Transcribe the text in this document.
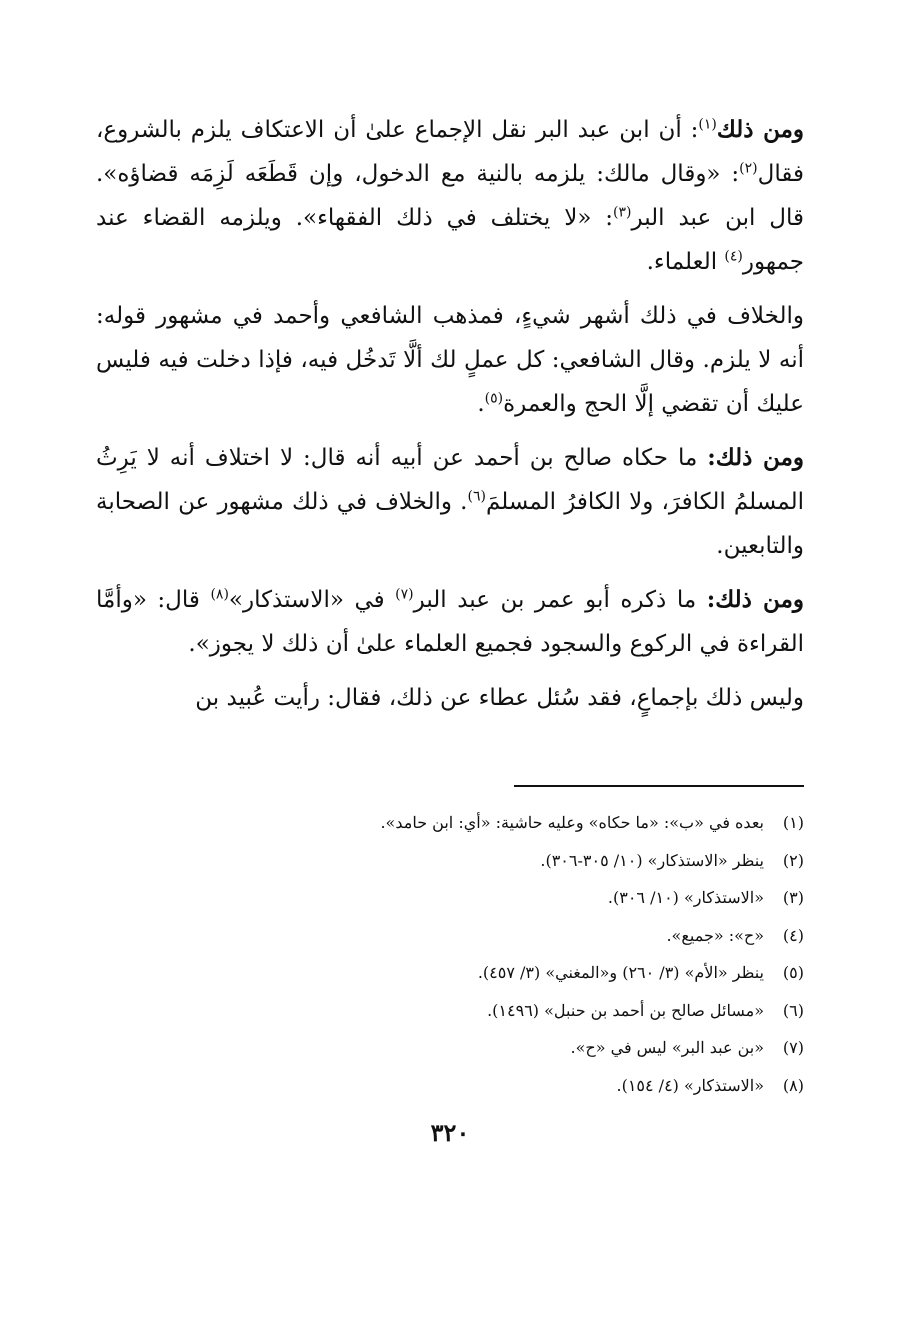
ومن ذلك$^{(١)}$: أن ابن عبد البر نقل الإجماع علىٰ أن الاعتكاف يلزم بالشروع، فقال$^{(٢)}$: «وقال مالك: يلزمه بالنية مع الدخول، وإن قَطَعَه لَزِمَه قضاؤه». قال ابن عبد البر$^{(٣)}$: «لا يختلف في ذلك الفقهاء». ويلزمه القضاء عند جمهور$^{(٤)}$ العلماء.

والخلاف في ذلك أشهر شيءٍ، فمذهب الشافعي وأحمد في مشهور قوله: أنه لا يلزم. وقال الشافعي: كل عملٍ لك ألَّا تَدخُل فيه، فإذا دخلت فيه فليس عليك أن تقضي إلَّا الحج والعمرة$^{(٥)}$.

ومن ذلك: ما حكاه صالح بن أحمد عن أبيه أنه قال: لا اختلاف أنه لا يَرِثُ المسلمُ الكافرَ، ولا الكافرُ المسلمَ$^{(٦)}$. والخلاف في ذلك مشهور عن الصحابة والتابعين.

ومن ذلك: ما ذكره أبو عمر بن عبد البر$^{(٧)}$ في «الاستذكار»$^{(٨)}$ قال: «وأمَّا القراءة في الركوع والسجود فجميع العلماء علىٰ أن ذلك لا يجوز».

وليس ذلك بإجماعٍ، فقد سُئل عطاء عن ذلك، فقال: رأيت عُبيد بن

(١)
بعده في «ب»: «ما حكاه» وعليه حاشية: «أي: ابن حامد».
(٢)
ينظر «الاستذكار» (١٠/ ٣٠٥-٣٠٦).
(٣)
«الاستذكار» (١٠/ ٣٠٦).
(٤)
«ح»: «جميع».
(٥)
ينظر «الأم» (٣/ ٢٦٠) و«المغني» (٣/ ٤٥٧).
(٦)
«مسائل صالح بن أحمد بن حنبل» (١٤٩٦).
(٧)
«بن عبد البر» ليس في «ح».
(٨)
«الاستذكار» (٤/ ١٥٤).
٣٢٠
